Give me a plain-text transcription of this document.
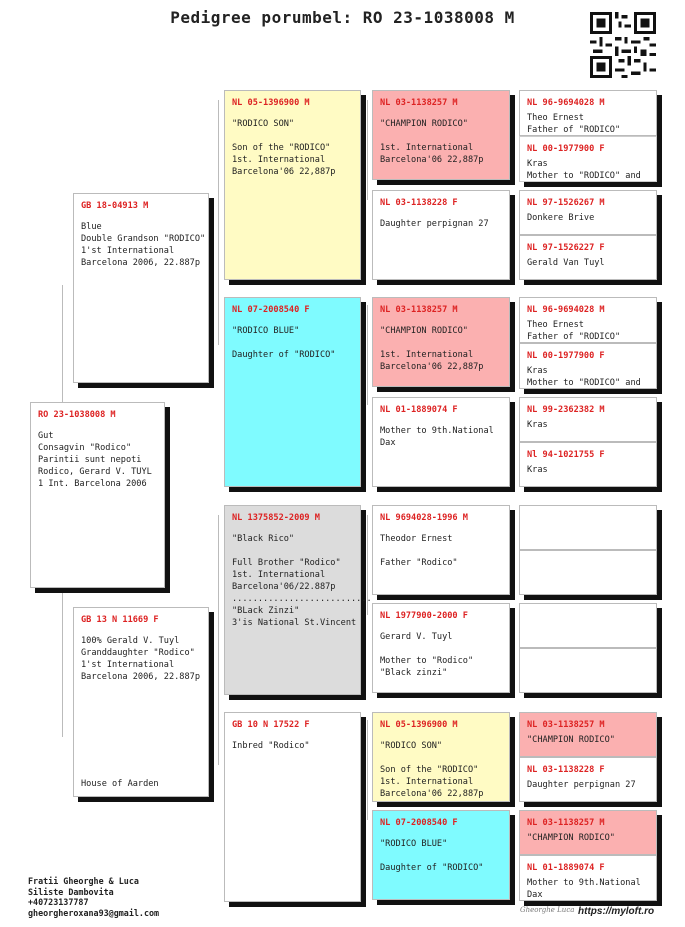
Pedigree porumbel: RO 23-1038008 M
RO 23-1038008 M
Gut
Consagvin "Rodico"
Parintii sunt nepoti
Rodico, Gerard V. TUYL
1 Int. Barcelona 2006
GB 18-04913 M
Blue
Double Grandson "RODICO"
1'st International
Barcelona 2006, 22.887p
GB 13 N 11669 F
100% Gerald V. Tuyl
Granddaughter "Rodico"
1'st International
Barcelona 2006, 22.887p
House of Aarden
NL 05-1396900 M
"RODICO SON"
Son of the "RODICO"
1st. International
Barcelona'06 22,887p
NL 07-2008540 F
"RODICO BLUE"
Daughter of "RODICO"
NL 1375852-2009 M
"Black Rico"
Full Brother "Rodico"
1st. International
Barcelona'06/22.887p
...........................
"BLack Zinzi"
3'is National St.Vincent
GB 10 N 17522 F
Inbred "Rodico"
NL 03-1138257 M
"CHAMPION RODICO"
1st. International
Barcelona'06 22,887p
NL 03-1138228 F
Daughter perpignan 27
NL 03-1138257 M
"CHAMPION RODICO"
1st. International
Barcelona'06 22,887p
NL 01-1889074 F
Mother to 9th.National
Dax
NL 9694028-1996 M
Theodor Ernest
Father "Rodico"
NL 1977900-2000 F
Gerard V. Tuyl
Mother to "Rodico"
"Black zinzi"
NL 05-1396900 M
"RODICO SON"
Son of the "RODICO"
1st. International
Barcelona'06 22,887p
NL 07-2008540 F
"RODICO BLUE"
Daughter of "RODICO"
NL 96-9694028 M
Theo Ernest
Father of "RODICO"
NL 00-1977900 F
Kras
Mother to "RODICO" and
NL 97-1526267 M
Donkere Brive
NL 97-1526227 F
Gerald Van Tuyl
NL 96-9694028 M
Theo Ernest
Father of "RODICO"
NL 00-1977900 F
Kras
Mother to "RODICO" and
NL 99-2362382 M
Kras
Nl 94-1021755 F
Kras
NL 03-1138257 M
"CHAMPION RODICO"
NL 03-1138228 F
Daughter perpignan 27
NL 03-1138257 M
"CHAMPION RODICO"
NL 01-1889074 F
Mother to 9th.National
Dax
Fratii Gheorghe & Luca
Siliste Dambovita
+40723137787
gheorgheroxana93@gmail.com	Gheorghe Luca https://myloft.ro
